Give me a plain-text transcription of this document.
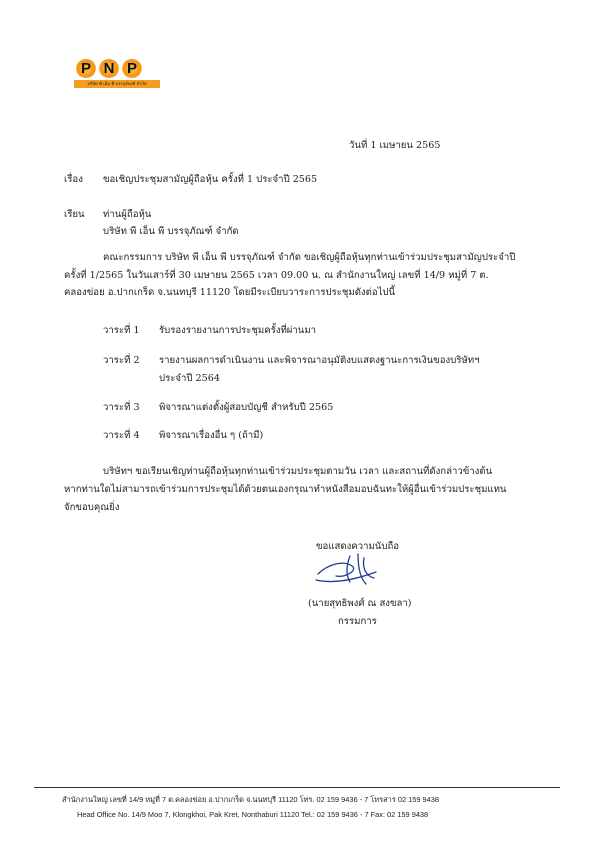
P N P
บริษัท พี เอ็น พี บรรจุภัณฑ์ จำกัด
วันที่ 1 เมษายน 2565
เรื่อง ขอเชิญประชุมสามัญผู้ถือหุ้น ครั้งที่ 1 ประจำปี 2565
เรียน ท่านผู้ถือหุ้น
บริษัท พี เอ็น พี บรรจุภัณฑ์ จำกัด
คณะกรรมการ บริษัท พี เอ็น พี บรรจุภัณฑ์ จำกัด ขอเชิญผู้ถือหุ้นทุกท่านเข้าร่วมประชุมสามัญประจำปี
ครั้งที่ 1/2565 ในวันเสาร์ที่ 30 เมษายน 2565 เวลา 09.00 น. ณ สำนักงานใหญ่ เลขที่ 14/9 หมู่ที่ 7 ต.
คลองข่อย อ.ปากเกร็ด จ.นนทบุรี 11120 โดยมีระเบียบวาระการประชุมดังต่อไปนี้
วาระที่ 1 รับรองรายงานการประชุมครั้งที่ผ่านมา
วาระที่ 2 รายงานผลการดำเนินงาน และพิจารณาอนุมัติงบแสดงฐานะการเงินของบริษัทฯ
ประจำปี 2564
วาระที่ 3 พิจารณาแต่งตั้งผู้สอบบัญชี สำหรับปี 2565
วาระที่ 4 พิจารณาเรื่องอื่น ๆ (ถ้ามี)
บริษัทฯ ขอเรียนเชิญท่านผู้ถือหุ้นทุกท่านเข้าร่วมประชุมตามวัน เวลา และสถานที่ดังกล่าวข้างต้น
หากท่านใดไม่สามารถเข้าร่วมการประชุมได้ด้วยตนเองกรุณาทำหนังสือมอบฉันทะให้ผู้อื่นเข้าร่วมประชุมแทน
จักขอบคุณยิ่ง
ขอแสดงความนับถือ
(นายสุทธิพงศ์ ณ สงขลา)
กรรมการ
สำนักงานใหญ่ เลขที่ 14/9 หมู่ที่ 7 ต.คลองข่อย อ.ปากเกร็ด จ.นนทบุรี 11120 โทร. 02 159 9436 - 7 โทรสาร 02 159 9438
Head Office No. 14/9 Moo 7, Klongkhoi, Pak Kret, Nonthaburi 11120 Tel.: 02 159 9436 - 7 Fax: 02 159 9438
